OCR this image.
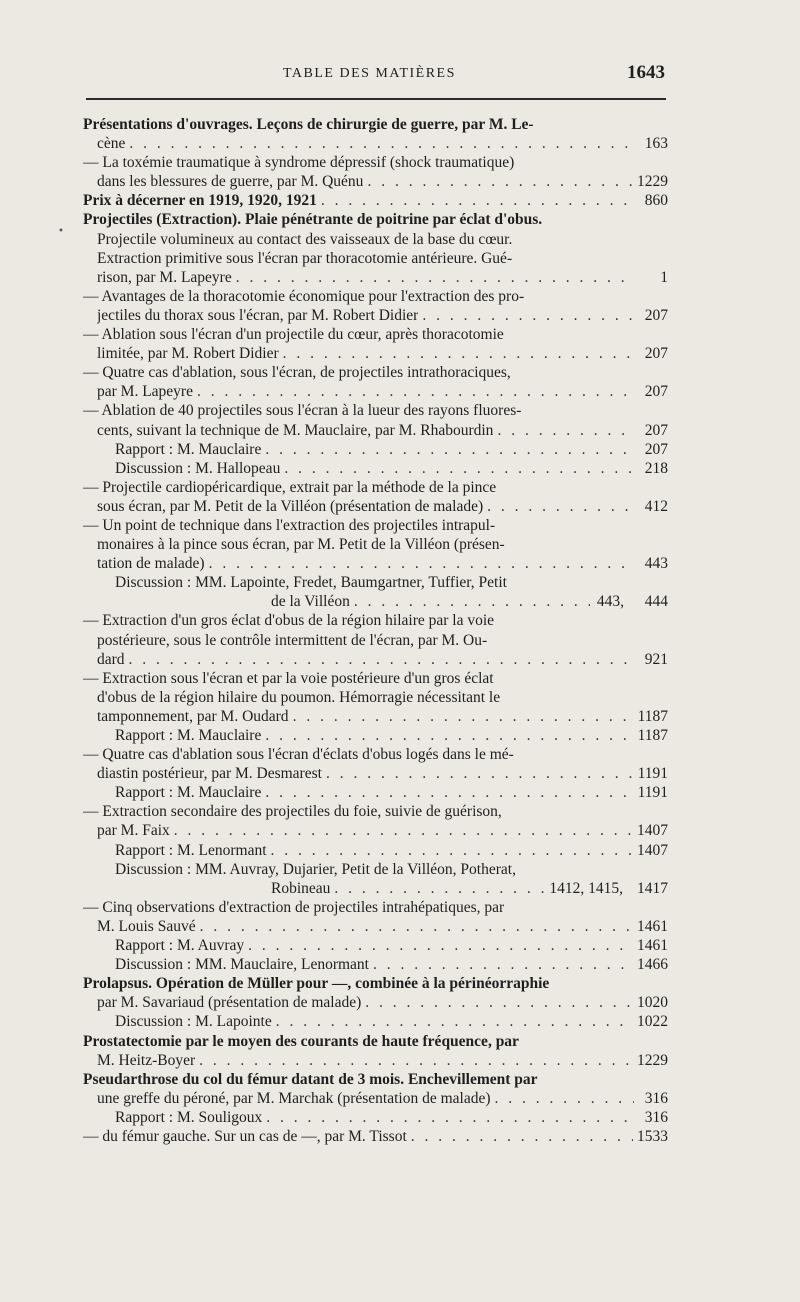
TABLE DES MATIÈRES	1643
•
Présentations d'ouvrages. Leçons de chirurgie de guerre, par M. Le-
cène . . .	163
— La toxémie traumatique à syndrome dépressif (shock traumatique)
dans les blessures de guerre, par M. Quénu . . .	1229
Prix à décerner en 1919, 1920, 1921 . . .	860
Projectiles (Extraction). Plaie pénétrante de poitrine par éclat d'obus.
Projectile volumineux au contact des vaisseaux de la base du cœur.
Extraction primitive sous l'écran par thoracotomie antérieure. Gué-
rison, par M. Lapeyre . . .	1
— Avantages de la thoracotomie économique pour l'extraction des pro-
jectiles du thorax sous l'écran, par M. Robert Didier . . .	207
— Ablation sous l'écran d'un projectile du cœur, après thoracotomie
limitée, par M. Robert Didier . . .	207
— Quatre cas d'ablation, sous l'écran, de projectiles intrathoraciques,
par M. Lapeyre . . .	207
— Ablation de 40 projectiles sous l'écran à la lueur des rayons fluores-
cents, suivant la technique de M. Mauclaire, par M. Rhabourdin . . .	207
Rapport : M. Mauclaire . . .	207
Discussion : M. Hallopeau . . .	218
— Projectile cardiopéricardique, extrait par la méthode de la pince
sous écran, par M. Petit de la Villéon (présentation de malade) . . .	412
— Un point de technique dans l'extraction des projectiles intrapul-
monaires à la pince sous écran, par M. Petit de la Villéon (présen-
tation de malade) . . .	443
Discussion : MM. Lapointe, Fredet, Baumgartner, Tuffier, Petit
de la Villéon . . .	443,	444
— Extraction d'un gros éclat d'obus de la région hilaire par la voie
postérieure, sous le contrôle intermittent de l'écran, par M. Ou-
dard . . .	921
— Extraction sous l'écran et par la voie postérieure d'un gros éclat
d'obus de la région hilaire du poumon. Hémorragie nécessitant le
tamponnement, par M. Oudard . . .	1187
Rapport : M. Mauclaire . . .	1187
— Quatre cas d'ablation sous l'écran d'éclats d'obus logés dans le mé-
diastin postérieur, par M. Desmarest . . .	1191
Rapport : M. Mauclaire . . .	1191
— Extraction secondaire des projectiles du foie, suivie de guérison,
par M. Faix . . .	1407
Rapport : M. Lenormant . . .	1407
Discussion : MM. Auvray, Dujarier, Petit de la Villéon, Potherat,
Robineau . . .	1412, 1415, 1417
— Cinq observations d'extraction de projectiles intrahépatiques, par
M. Louis Sauvé . . .	1461
Rapport : M. Auvray . . .	1461
Discussion : MM. Mauclaire, Lenormant . . .	1466
Prolapsus. Opération de Müller pour —, combinée à la périnéorraphie
par M. Savariaud (présentation de malade) . . .	1020
Discussion : M. Lapointe . . .	1022
Prostatectomie par le moyen des courants de haute fréquence, par
M. Heitz-Boyer . . .	1229
Pseudarthrose du col du fémur datant de 3 mois. Enchevillement par
une greffe du péroné, par M. Marchak (présentation de malade) . . .	316
Rapport : M. Souligoux . . .	316
— du fémur gauche. Sur un cas de —, par M. Tissot . . .	1533
